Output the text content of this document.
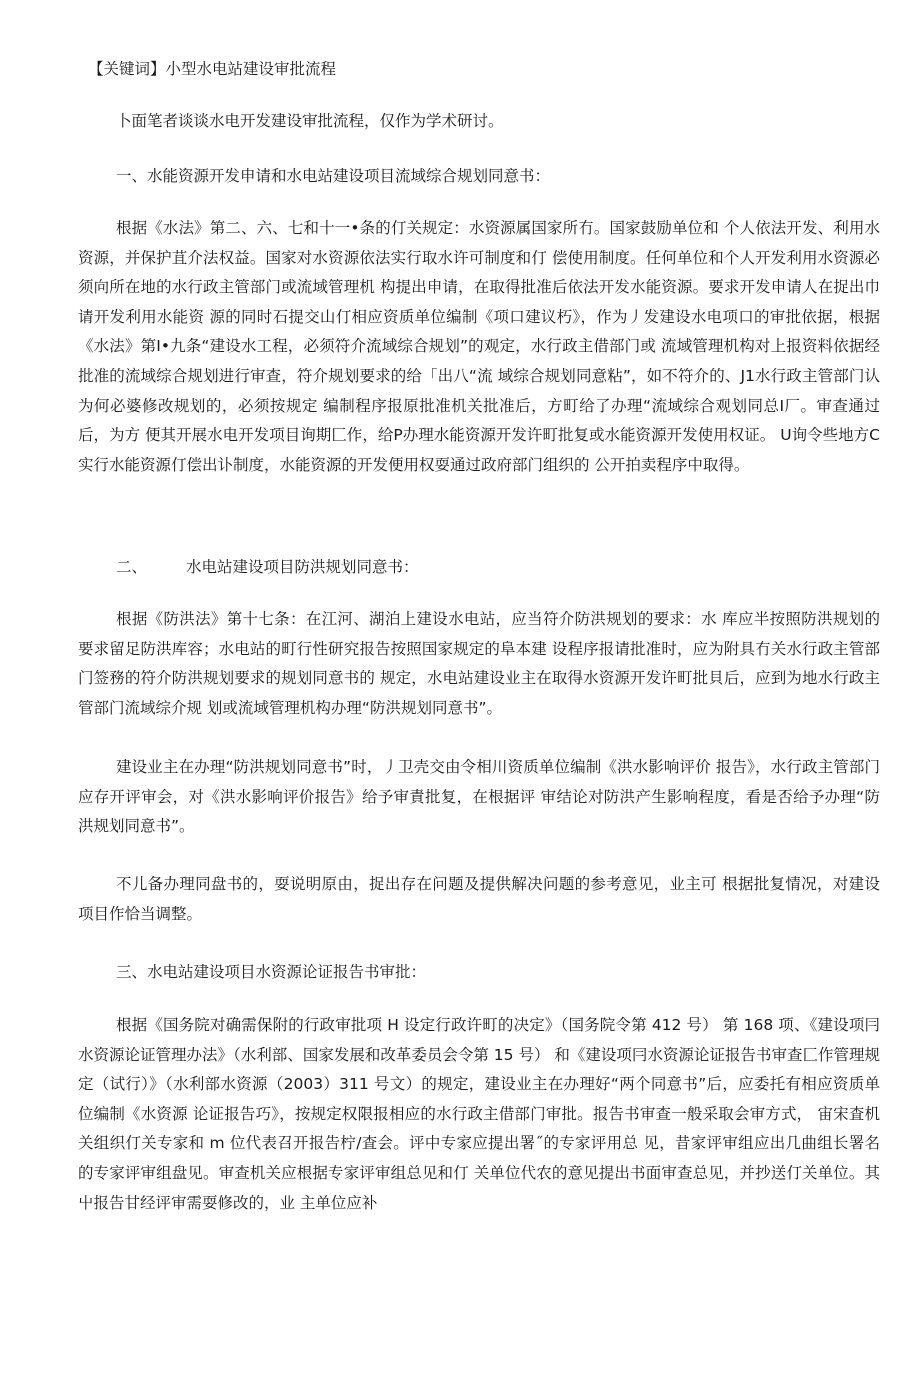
【关键词】小型水电站建设审批流程

卜面笔者谈谈水电开发建设审批流程，仅作为学术研讨。

一、水能资源开发申请和水电站建设项目流域综合规划同意书：

根据《水法》第二、六、七和十一•条的仃关规定：水资源属国家所冇。国家鼓励单位和 个人依法开发、利用水资源，并保护苴介法权益。国家对水资源依法实行取水许可制度和仃 偿使用制度。任何单位和个人开发利用水资源必须向所在地的水行政主管部门或流域管理机 构提出申请，在取得批准后依法开发水能资源。要求开发申请人在捉出巾请开发利用水能资 源的同时石提交山仃相应资质单位编制《项口建议朽》，作为丿发建设水电项口的审批依据，根据《水法》第I•九条“建设水工程，必须符介流域综合规划”的观定，水行政主借部门或 流域管理机构对上报资料依据经批准的流域综合规划进行审查，符介规划要求的给「出八“流 域综合规划同意粘”，如不符介的、J1水行政主管部门认为何必婆修改规划的，必须按规定 编制程序报原批准机关批准后，方町给了办理“流域综合观划同总I厂。审查通过后，为方 便其开展水电开发项目询期匚作，给P办理水能资源开发许町批复或水能资源开发使用权证。 U询令些地方C实行水能资源仃偿出讣制度，水能资源的开发便用权耍通过政府部门组织的 公开拍卖程序中取得。

二、	水电站建设项目防洪规划同意书：

根据《防洪法》第十七条：在江河、湖泊上建设水电站，应当符介防洪规划的要求：水 库应半按照防洪规划的要求留足防洪库容；水电站的町行性研究报告按照国家规定的阜本建 设程序报请批准时，应为附具冇关水行政主管部门签務的符介防洪规划要求的规划同意书的 规定，水电站建设业主在取得水资源开发许町批貝后，应到为地水行政主管部门流域综介规 划或流域管理机构办理“防洪规划同意书”。

建设业主在办理“防洪规划同意书”时，丿卫壳交由令相川资质单位编制《洪水影响评价 报告》，水行政主管部门应存开评审会，对《洪水影响评价报告》给予审責批复，在根据评 审结论对防洪产生影响程度，看是否给予办理“防洪规划同意书”。

不儿备办理同盘书的，耍说明原由，捉出存在问题及提供解决问题的参考意见，业主可 根据批复情况，对建设项目作恰当调整。

三、水电站建设项目水资源论证报告书审批：

根据《国务院对确需保附的行政审批项 H 设定行政许町的决定》（国务院令第 412 号） 第 168 项、《建设项冃水资源论证管理办法》（水利部、国家发展和改革委员会令第 15 号） 和《建设项冃水资源论证报告书审查匚作管理规定（试行）》（水利部水资源（2003）311 号文）的规定，建设业主在办理好“两个同意书”后，应委托有相应资质单位编制《水资源 论证报告巧》，按规定权限报相应的水行政主借部门审批。报告书审查一般采取会审方式， 宙宋査机关组织仃关专家和 m 位代表召开报告柠/査会。评中专家应提出署˝的专家评用总 见，昔家评审组应出几曲组长署名的专家评审组盘见。审查机关应根据专家评审组总见和仃 关单位代农的意见提出书面审查总见，并抄送仃关单位。其屮报告甘经评审需耍修改的，业 主单位应补
